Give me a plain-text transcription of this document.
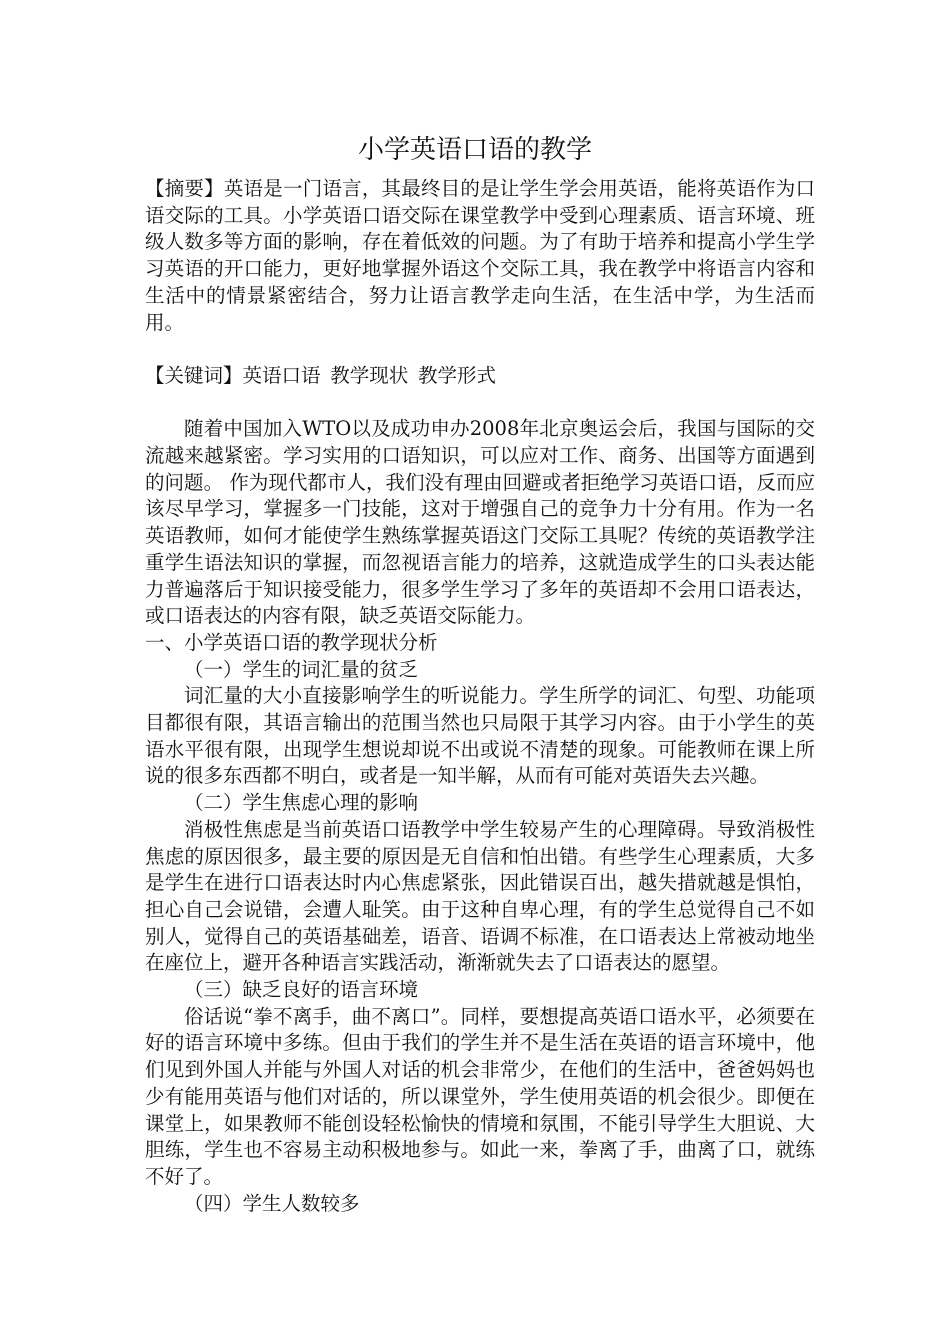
小学英语口语的教学

【摘要】英语是一门语言，其最终目的是让学生学会用英语，能将英语作为口语交际的工具。小学英语口语交际在课堂教学中受到心理素质、语言环境、班级人数多等方面的影响，存在着低效的问题。为了有助于培养和提高小学生学习英语的开口能力，更好地掌握外语这个交际工具，我在教学中将语言内容和生活中的情景紧密结合，努力让语言教学走向生活，在生活中学，为生活而用。

【关键词】英语口语 教学现状 教学形式

随着中国加入WTO以及成功申办2008年北京奥运会后，我国与国际的交流越来越紧密。学习实用的口语知识，可以应对工作、商务、出国等方面遇到的问题。 作为现代都市人，我们没有理由回避或者拒绝学习英语口语，反而应该尽早学习，掌握多一门技能，这对于增强自己的竞争力十分有用。作为一名英语教师，如何才能使学生熟练掌握英语这门交际工具呢？传统的英语教学注重学生语法知识的掌握，而忽视语言能力的培养，这就造成学生的口头表达能力普遍落后于知识接受能力，很多学生学习了多年的英语却不会用口语表达，或口语表达的内容有限，缺乏英语交际能力。

一、小学英语口语的教学现状分析

（一）学生的词汇量的贫乏

词汇量的大小直接影响学生的听说能力。学生所学的词汇、句型、功能项目都很有限，其语言输出的范围当然也只局限于其学习内容。由于小学生的英语水平很有限，出现学生想说却说不出或说不清楚的现象。可能教师在课上所说的很多东西都不明白，或者是一知半解，从而有可能对英语失去兴趣。

（二）学生焦虑心理的影响

消极性焦虑是当前英语口语教学中学生较易产生的心理障碍。导致消极性焦虑的原因很多，最主要的原因是无自信和怕出错。有些学生心理素质，大多是学生在进行口语表达时内心焦虑紧张，因此错误百出，越失措就越是惧怕，担心自己会说错，会遭人耻笑。由于这种自卑心理，有的学生总觉得自己不如别人，觉得自己的英语基础差，语音、语调不标准，在口语表达上常被动地坐在座位上，避开各种语言实践活动，渐渐就失去了口语表达的愿望。

（三）缺乏良好的语言环境

俗话说“拳不离手，曲不离口”。同样，要想提高英语口语水平，必须要在好的语言环境中多练。但由于我们的学生并不是生活在英语的语言环境中，他们见到外国人并能与外国人对话的机会非常少，在他们的生活中，爸爸妈妈也少有能用英语与他们对话的，所以课堂外，学生使用英语的机会很少。即便在课堂上，如果教师不能创设轻松愉快的情境和氛围，不能引导学生大胆说、大胆练，学生也不容易主动积极地参与。如此一来，拳离了手，曲离了口，就练不好了。

（四）学生人数较多
